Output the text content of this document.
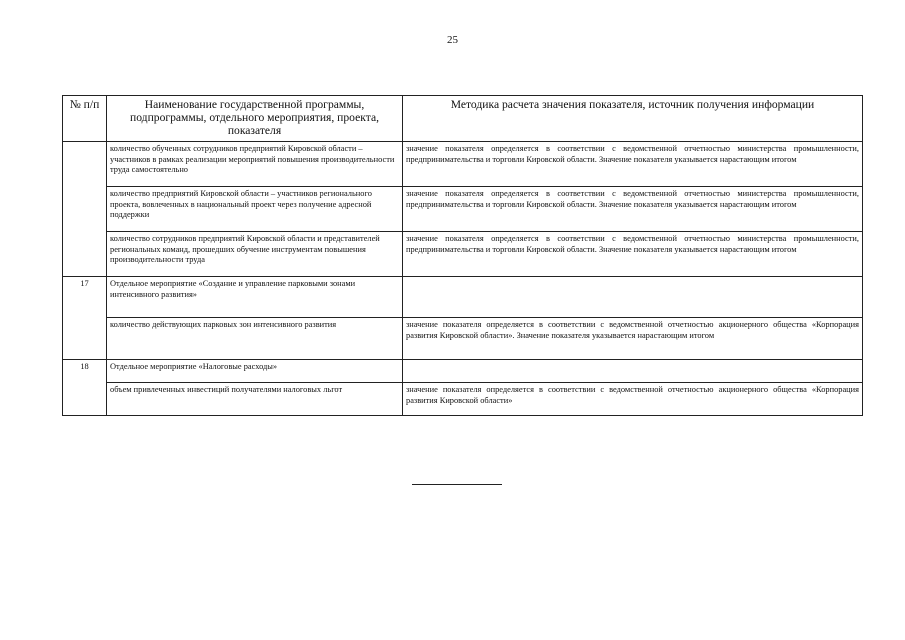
25
№ п/п	Наименование государственной программы, подпрограммы, отдельного мероприятия, проекта, показателя	Методика расчета значения показателя, источник получения информации
	количество обученных сотрудников предприятий Кировской области – участников в рамках реализации мероприятий повышения производительности труда самостоятельно	значение показателя определяется в соответствии с ведомственной отчетностью министерства промышленности, предпринимательства и торговли Кировской области. Значение показателя указывается нарастающим итогом
	количество предприятий Кировской области – участников регионального проекта, вовлеченных в национальный проект через получение адресной поддержки	значение показателя определяется в соответствии с ведомственной отчетностью министерства промышленности, предпринимательства и торговли Кировской области. Значение показателя указывается нарастающим итогом
	количество сотрудников предприятий Кировской области и представителей региональных команд, прошедших обучение инструментам повышения производительности труда	значение показателя определяется в соответствии с ведомственной отчетностью министерства промышленности, предпринимательства и торговли Кировской области. Значение показателя указывается нарастающим итогом
17	Отдельное мероприятие «Создание и управление парковыми зонами интенсивного развития»	
	количество действующих парковых зон интенсивного развития	значение показателя определяется в соответствии с ведомственной отчетностью акционерного общества «Корпорация развития Кировской области». Значение показателя указывается нарастающим итогом
18	Отдельное мероприятие «Налоговые расходы»	
	объем привлеченных инвестиций получателями налоговых льгот	значение показателя определяется в соответствии с ведомственной отчетностью акционерного общества «Корпорация развития Кировской области»
